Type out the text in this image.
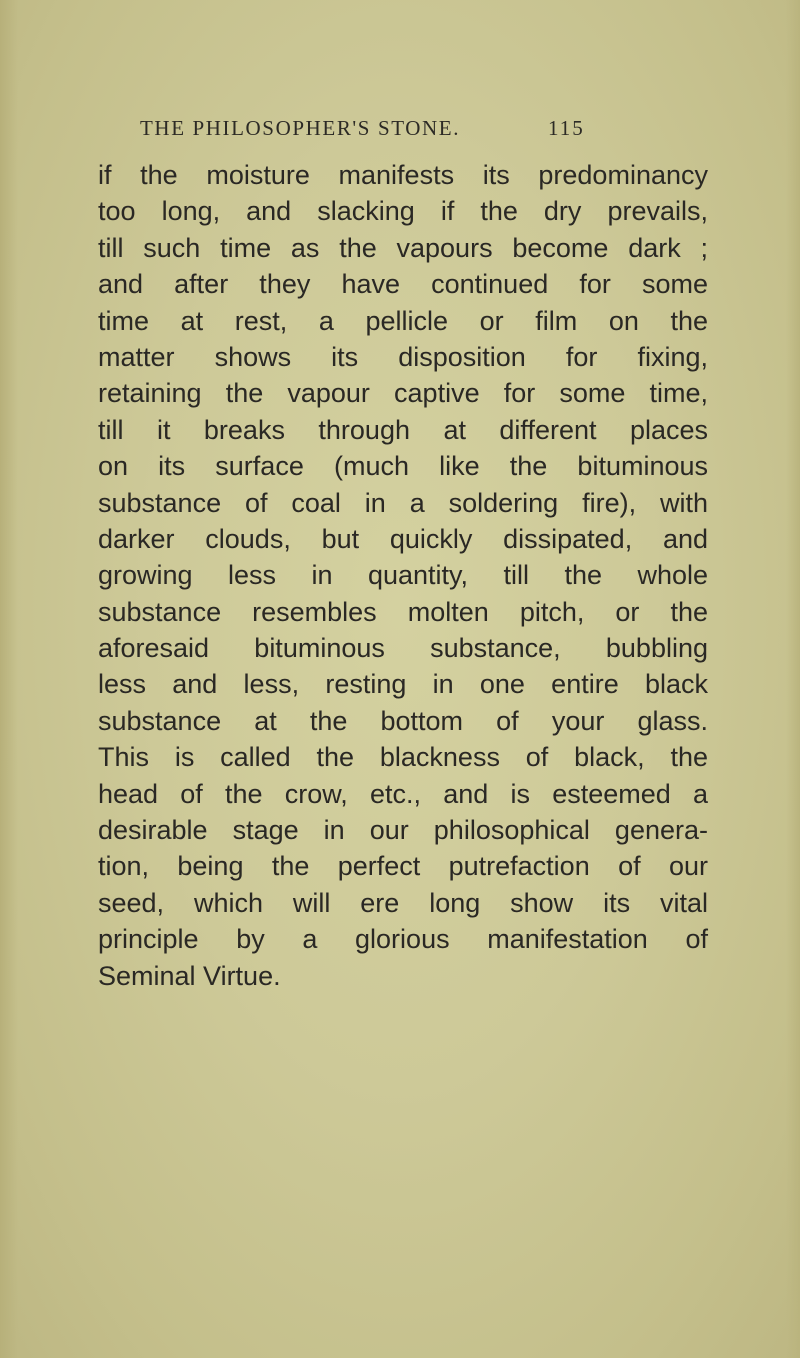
THE PHILOSOPHER'S STONE.	115
if the moisture manifests its predominancy
too long, and slacking if the dry prevails,
till such time as the vapours become dark ;
and after they have continued for some
time at rest, a pellicle or film on the
matter shows its disposition for fixing,
retaining the vapour captive for some time,
till it breaks through at different places
on its surface (much like the bituminous
substance of coal in a soldering fire), with
darker clouds, but quickly dissipated, and
growing less in quantity, till the whole
substance resembles molten pitch, or the
aforesaid bituminous substance, bubbling
less and less, resting in one entire black
substance at the bottom of your glass.
This is called the blackness of black, the
head of the crow, etc., and is esteemed a
desirable stage in our philosophical genera-
tion, being the perfect putrefaction of our
seed, which will ere long show its vital
principle by a glorious manifestation of
Seminal Virtue.
